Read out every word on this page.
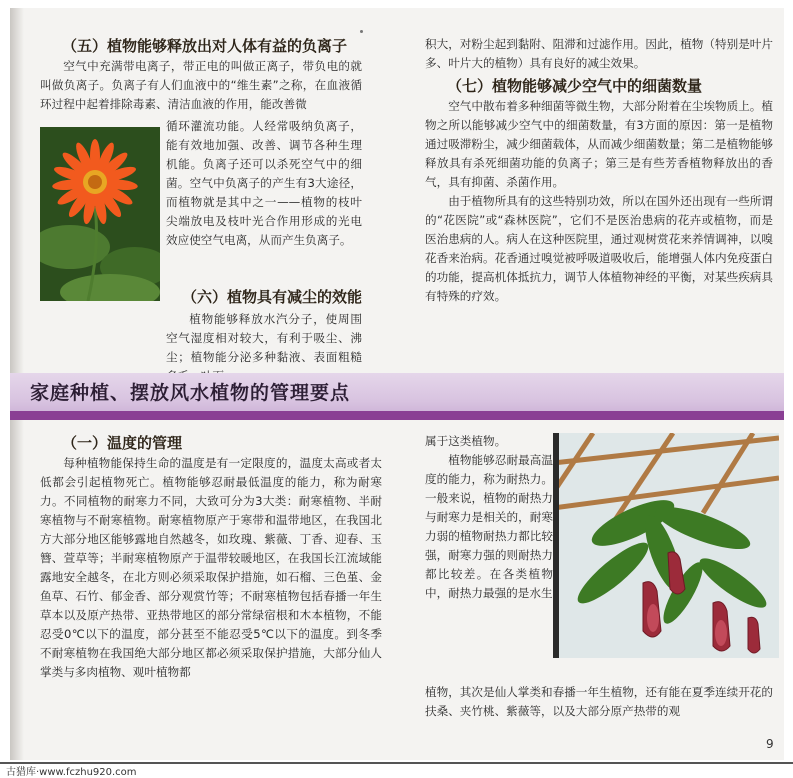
（五）植物能够释放出对人体有益的负离子

空气中充满带电离子，带正电的叫做正离子，带负电的就叫做负离子。负离子有人们血液中的“维生素”之称，在血液循环过程中起着排除毒素、清洁血液的作用，能改善微

循环灌流功能。人经常吸纳负离子，能有效地加强、改善、调节各种生理机能。负离子还可以杀死空气中的细菌。空气中负离子的产生有3大途径，而植物就是其中之一——植物的枝叶尖端放电及枝叶光合作用形成的光电效应使空气电离，从而产生负离子。

（六）植物具有减尘的效能

植物能够释放水汽分子，使周围空气湿度相对较大，有利于吸尘、沸尘；植物能分泌多种黏液、表面粗糙

积大，对粉尘起到黏附、阻滞和过滤作用。因此，植物（特别是叶片多、叶片大的植物）具有良好的减尘效果。

（七）植物能够减少空气中的细菌数量

空气中散布着多种细菌等微生物，大部分附着在尘埃物质上。植物之所以能够减少空气中的细菌数量，有3方面的原因：第一是植物通过吸滞粉尘，减少细菌载体，从而减少细菌数量；第二是植物能够释放具有杀死细菌功能的负离子；第三是有些芳香植物释放出的香气，具有抑菌、杀菌作用。

由于植物所具有的这些特别功效，所以在国外还出现有一些所谓的“花医院”或“森林医院”，它们不是医治患病的花卉或植物，而是医治患病的人。病人在这种医院里，通过观树赏花来养情调神，以嗅花香来治病。花香通过嗅觉被呼吸道吸收后，能增强人体内免疫蛋白的功能，提高机体抵抗力，调节人体植物神经的平衡，对某些疾病具有特殊的疗效。

家庭种植、摆放风水植物的管理要点
（一）温度的管理

每种植物能保持生命的温度是有一定限度的，温度太高或者太低都会引起植物死亡。植物能够忍耐最低温度的能力，称为耐寒力。不同植物的耐寒力不同，大致可分为3大类：耐寒植物、半耐寒植物与不耐寒植物。耐寒植物原产于寒带和温带地区，在我国北方大部分地区能够露地自然越冬，如玫瑰、紫薇、丁香、迎春、玉簪、萱草等；半耐寒植物原产于温带较暖地区，在我国长江流域能露地安全越冬，在北方则必须采取保护措施，如石榴、三色堇、金鱼草、石竹、郁金香、部分观赏竹等；不耐寒植物包括春播一年生草本以及原产热带、亚热带地区的部分常绿宿根和木本植物，不能忍受0℃以下的温度，部分甚至不能忍受5℃以下的温度。到冬季不耐寒植物在我国绝大部分地区都必须采取保护措施，大部分仙人掌类与多肉植物、观叶植物都

属于这类植物。

植物能够忍耐最高温度的能力，称为耐热力。一般来说，植物的耐热力与耐寒力是相关的，耐寒力弱的植物耐热力都比较强，耐寒力强的则耐热力都比较差。在各类植物中，耐热力最强的是水生

植物，其次是仙人掌类和春播一年生植物，还有能在夏季连续开花的扶桑、夹竹桃、紫薇等，以及大部分原产热带的观

9
古猎库·www.fczhu920.com
